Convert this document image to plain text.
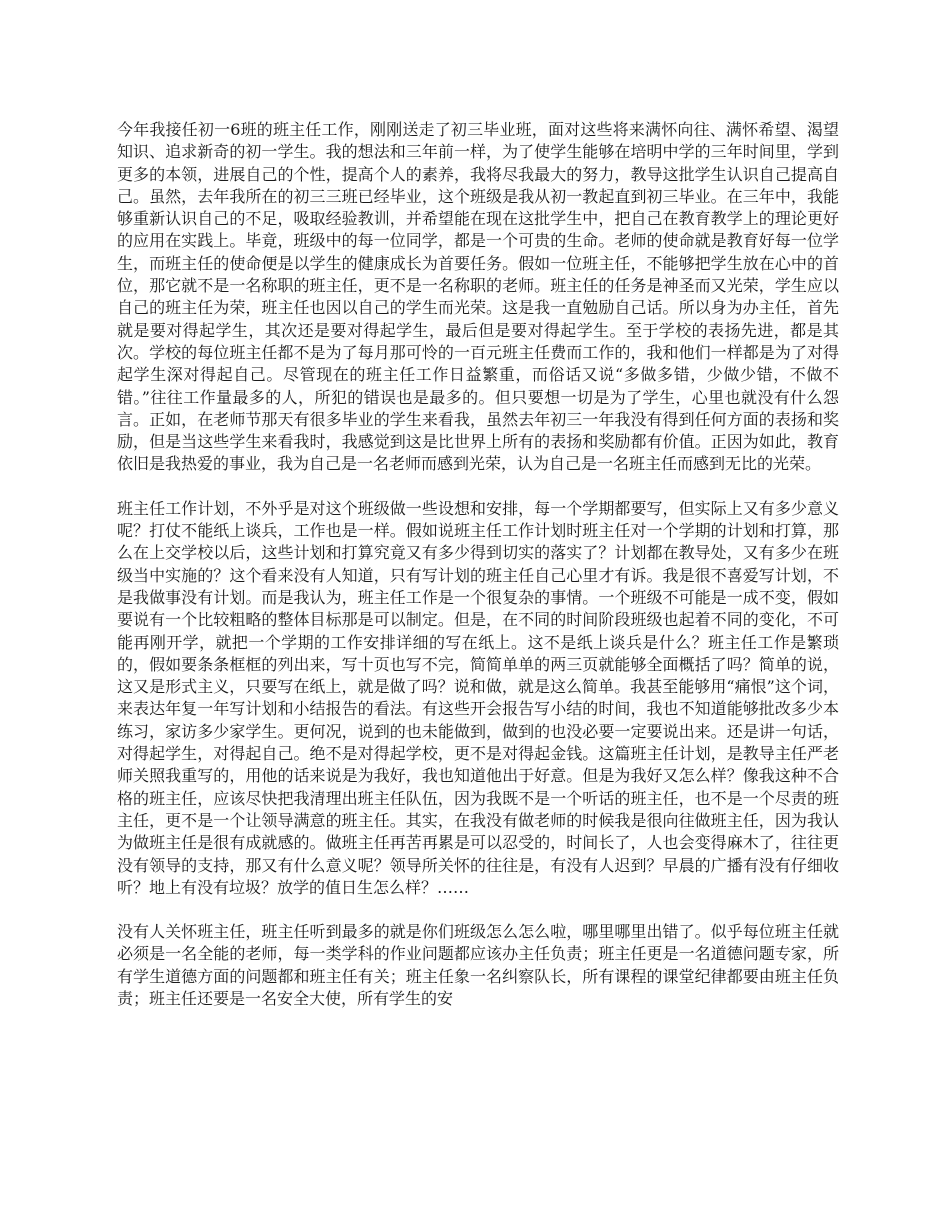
今年我接任初一6班的班主任工作，刚刚送走了初三毕业班，面对这些将来满怀向往、满怀希望、渴望知识、追求新奇的初一学生。我的想法和三年前一样，为了使学生能够在培明中学的三年时间里，学到更多的本领，进展自己的个性，提高个人的素养，我将尽我最大的努力，教导这批学生认识自己提高自己。虽然，去年我所在的初三三班已经毕业，这个班级是我从初一教起直到初三毕业。在三年中，我能够重新认识自己的不足，吸取经验教训，并希望能在现在这批学生中，把自己在教育教学上的理论更好的应用在实践上。毕竟，班级中的每一位同学，都是一个可贵的生命。老师的使命就是教育好每一位学生，而班主任的使命便是以学生的健康成长为首要任务。假如一位班主任，不能够把学生放在心中的首位，那它就不是一名称职的班主任，更不是一名称职的老师。班主任的任务是神圣而又光荣，学生应以自己的班主任为荣，班主任也因以自己的学生而光荣。这是我一直勉励自己话。所以身为办主任，首先就是要对得起学生，其次还是要对得起学生，最后但是要对得起学生。至于学校的表扬先进，都是其次。学校的每位班主任都不是为了每月那可怜的一百元班主任费而工作的，我和他们一样都是为了对得起学生深对得起自己。尽管现在的班主任工作日益繁重，而俗话又说“多做多错，少做少错，不做不错。”往往工作量最多的人，所犯的错误也是最多的。但只要想一切是为了学生，心里也就没有什么怨言。正如，在老师节那天有很多毕业的学生来看我，虽然去年初三一年我没有得到任何方面的表扬和奖励，但是当这些学生来看我时，我感觉到这是比世界上所有的表扬和奖励都有价值。正因为如此，教育依旧是我热爱的事业，我为自己是一名老师而感到光荣，认为自己是一名班主任而感到无比的光荣。

班主任工作计划，不外乎是对这个班级做一些设想和安排，每一个学期都要写，但实际上又有多少意义呢？打仗不能纸上谈兵，工作也是一样。假如说班主任工作计划时班主任对一个学期的计划和打算，那么在上交学校以后，这些计划和打算究竟又有多少得到切实的落实了？计划都在教导处，又有多少在班级当中实施的？这个看来没有人知道，只有写计划的班主任自己心里才有诉。我是很不喜爱写计划，不是我做事没有计划。而是我认为，班主任工作是一个很复杂的事情。一个班级不可能是一成不变，假如要说有一个比较粗略的整体目标那是可以制定。但是，在不同的时间阶段班级也起着不同的变化，不可能再刚开学，就把一个学期的工作安排详细的写在纸上。这不是纸上谈兵是什么？班主任工作是繁琐的，假如要条条框框的列出来，写十页也写不完，简简单单的两三页就能够全面概括了吗？简单的说，这又是形式主义，只要写在纸上，就是做了吗？说和做，就是这么简单。我甚至能够用“痛恨”这个词，来表达年复一年写计划和小结报告的看法。有这些开会报告写小结的时间，我也不知道能够批改多少本练习，家访多少家学生。更何况，说到的也未能做到，做到的也没必要一定要说出来。还是讲一句话，对得起学生，对得起自己。绝不是对得起学校，更不是对得起金钱。这篇班主任计划，是教导主任严老师关照我重写的，用他的话来说是为我好，我也知道他出于好意。但是为我好又怎么样？像我这种不合格的班主任，应该尽快把我清理出班主任队伍，因为我既不是一个听话的班主任，也不是一个尽责的班主任，更不是一个让领导满意的班主任。其实，在我没有做老师的时候我是很向往做班主任，因为我认为做班主任是很有成就感的。做班主任再苦再累是可以忍受的，时间长了，人也会变得麻木了，往往更没有领导的支持，那又有什么意义呢？领导所关怀的往往是，有没有人迟到？早晨的广播有没有仔细收听？地上有没有垃圾？放学的值日生怎么样？……

没有人关怀班主任，班主任听到最多的就是你们班级怎么怎么啦，哪里哪里出错了。似乎每位班主任就必须是一名全能的老师，每一类学科的作业问题都应该办主任负责；班主任更是一名道德问题专家，所有学生道德方面的问题都和班主任有关；班主任象一名纠察队长，所有课程的课堂纪律都要由班主任负责；班主任还要是一名安全大使，所有学生的安
